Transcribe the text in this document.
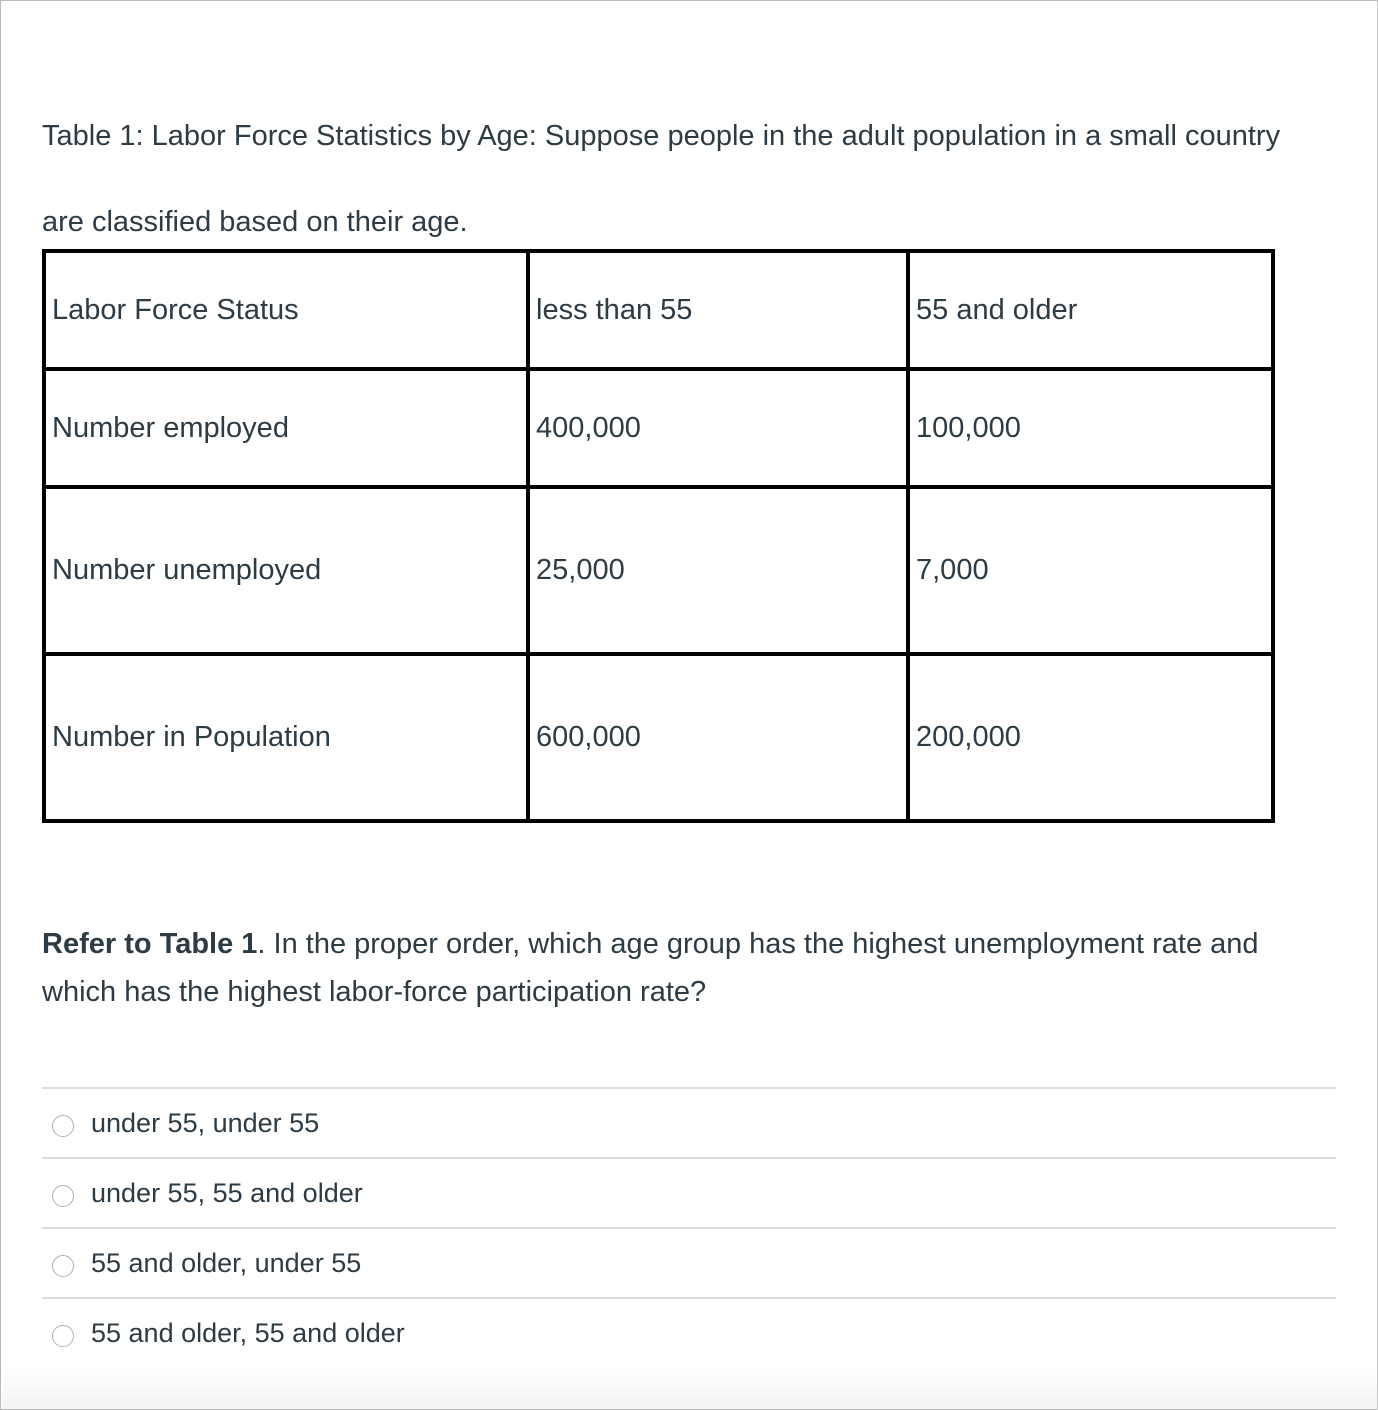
Table 1: Labor Force Statistics by Age: Suppose people in the adult population in a small country are classified based on their age.
Labor Force Status	less than 55	55 and older
Number employed	400,000	100,000
Number unemployed	25,000	7,000
Number in Population	600,000	200,000
Refer to Table 1. In the proper order, which age group has the highest unemployment rate and which has the highest labor-force participation rate?
under 55, under 55
under 55, 55 and older
55 and older, under 55
55 and older, 55 and older
